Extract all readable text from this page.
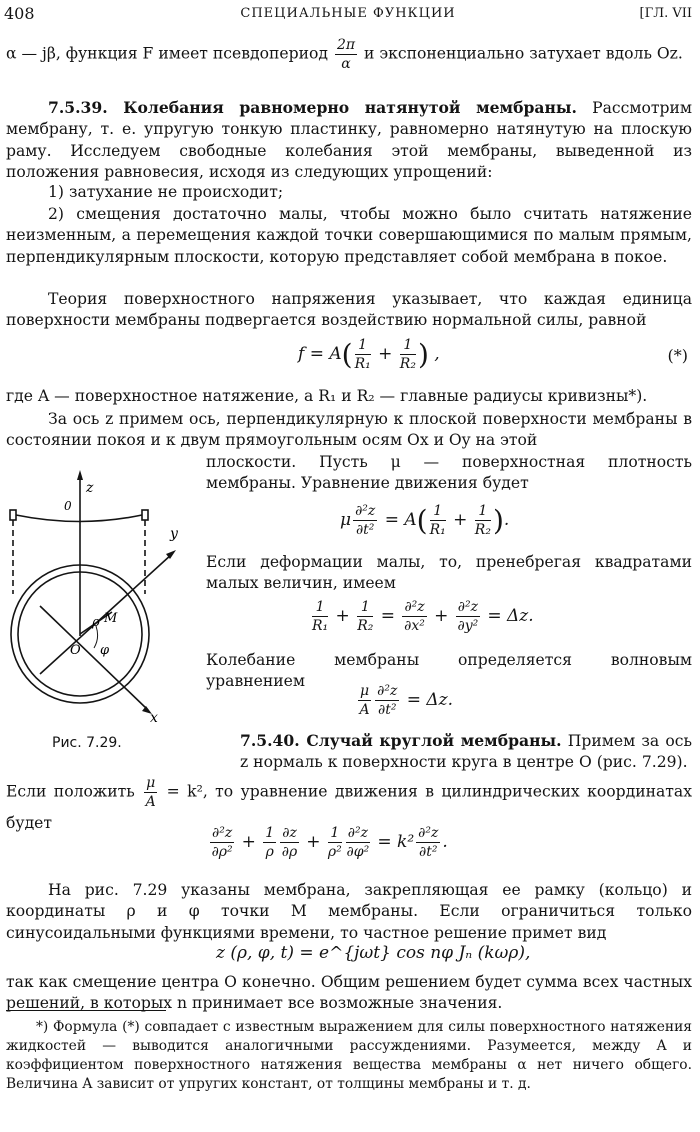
408	СПЕЦИАЛЬНЫЕ ФУНКЦИИ	[ГЛ. VII

α — jβ, функция F имеет псевдопериод $\frac{2\pi}{\alpha}$ и экспоненциально затухает вдоль Oz.

7.5.39. Колебания равномерно натянутой мембраны. Рассмотрим мембрану, т. е. упругую тонкую пластинку, равномерно натянутую на плоскую раму. Исследуем свободные колебания этой мембраны, выведенной из положения равновесия, исходя из следующих упрощений:

1) затухание не происходит;

2) смещения достаточно малы, чтобы можно было считать натяжение неизменным, а перемещения каждой точки совершающимися по малым прямым, перпендикулярным плоскости, которую представляет собой мембрана в покое.

Теория поверхностного напряжения указывает, что каждая единица поверхности мембраны подвергается воздействию нормальной силы, равной

$f = A( \frac{1}{\text{R₁}} + \frac{1}{\text{R₂}}$ ) ,	(*)

где A — поверхностное натяжение, а R₁ и R₂ — главные радиусы кривизны*).

За ось z примем ось, перпендикулярную к плоской поверхности мембраны в состоянии покоя и к двум прямоугольным осям Ox и Oy на этой

плоскости. Пусть μ — поверхностная плотность мембраны. Уравнение движения будет

μ $\frac{\text{∂²z}}{\text{∂t²}} = A( \frac{1}{\text{R₁}} + \frac{1}{\text{R₂}}$ ).

Если деформации малы, то, пренебрегая квадратами малых величин, имеем

$\frac{1}{\text{R₁}} + \frac{1}{\text{R₂}} = \frac{\text{∂²z}}{\text{∂x²}} + \frac{\text{∂²z}}{\text{∂y²}} = \Delta z$.

Колебание мембраны определяется волновым уравнением

$\frac{\mu}{A} \frac{\text{∂²z}}{\text{∂t²}} = \Delta z$.
z
y
x
O
ρ M
φ
0
Рис. 7.29.	7.5.40. Случай круглой мембраны. Примем за ось z нормаль к поверхности круга в центре O (рис. 7.29).

Если положить $\frac{\mu}{A} = k^2$, то уравнение движения в цилиндрических координатах будет

$\frac{\text{∂²z}}{\text{∂ρ²}} + \frac{1}{\rho} \frac{\partial z}{\partial\rho} + \frac{1}{\text{ρ²}} \frac{\text{∂²z}}{\text{∂φ²}} = k^2 \frac{\text{∂²z}}{\text{∂t²}}$ .

На рис. 7.29 указаны мембрана, закрепляющая ее рамку (кольцо) и координаты ρ и φ точки M мембраны. Если ограничиться только синусоидальными функциями времени, то частное решение примет вид

z (ρ, φ, t) = e^{jωt} cos nφ Jₙ (kωρ),

так как смещение центра O конечно. Общим решением будет сумма всех частных решений, в которых n принимает все возможные значения.

*) Формула (*) совпадает с известным выражением для силы поверхностного натяжения жидкостей — выводится аналогичными рассуждениями. Разумеется, между A и коэффициентом поверхностного натяжения вещества мембраны α нет ничего общего. Величина A зависит от упругих констант, от толщины мембраны и т. д.
